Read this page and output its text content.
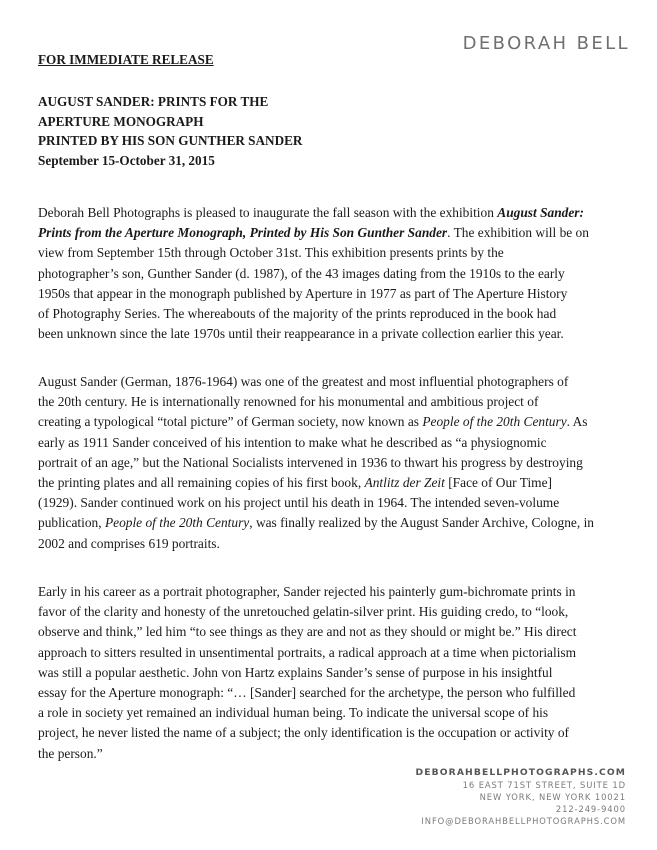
DEBORAH BELL
FOR IMMEDIATE RELEASE
AUGUST SANDER: PRINTS FOR THE
APERTURE MONOGRAPH
PRINTED BY HIS SON GUNTHER SANDER
September 15-October 31, 2015
Deborah Bell Photographs is pleased to inaugurate the fall season with the exhibition August Sander:
Prints from the Aperture Monograph, Printed by His Son Gunther Sander. The exhibition will be on
view from September 15th through October 31st. This exhibition presents prints by the
photographer’s son, Gunther Sander (d. 1987), of the 43 images dating from the 1910s to the early
1950s that appear in the monograph published by Aperture in 1977 as part of The Aperture History
of Photography Series. The whereabouts of the majority of the prints reproduced in the book had
been unknown since the late 1970s until their reappearance in a private collection earlier this year.
August Sander (German, 1876-1964) was one of the greatest and most influential photographers of
the 20th century. He is internationally renowned for his monumental and ambitious project of
creating a typological “total picture” of German society, now known as People of the 20th Century. As
early as 1911 Sander conceived of his intention to make what he described as “a physiognomic
portrait of an age,” but the National Socialists intervened in 1936 to thwart his progress by destroying
the printing plates and all remaining copies of his first book, Antlitz der Zeit [Face of Our Time]
(1929). Sander continued work on his project until his death in 1964. The intended seven-volume
publication, People of the 20th Century, was finally realized by the August Sander Archive, Cologne, in
2002 and comprises 619 portraits.
Early in his career as a portrait photographer, Sander rejected his painterly gum-bichromate prints in
favor of the clarity and honesty of the unretouched gelatin-silver print. His guiding credo, to “look,
observe and think,” led him “to see things as they are and not as they should or might be.” His direct
approach to sitters resulted in unsentimental portraits, a radical approach at a time when pictorialism
was still a popular aesthetic. John von Hartz explains Sander’s sense of purpose in his insightful
essay for the Aperture monograph: “… [Sander] searched for the archetype, the person who fulfilled
a role in society yet remained an individual human being. To indicate the universal scope of his
project, he never listed the name of a subject; the only identification is the occupation or activity of
the person.”
DEBORAHBELLPHOTOGRAPHS.COM
16 EAST 71ST STREET, SUITE 1D
NEW YORK, NEW YORK 10021
212-249-9400
INFO@DEBORAHBELLPHOTOGRAPHS.COM
